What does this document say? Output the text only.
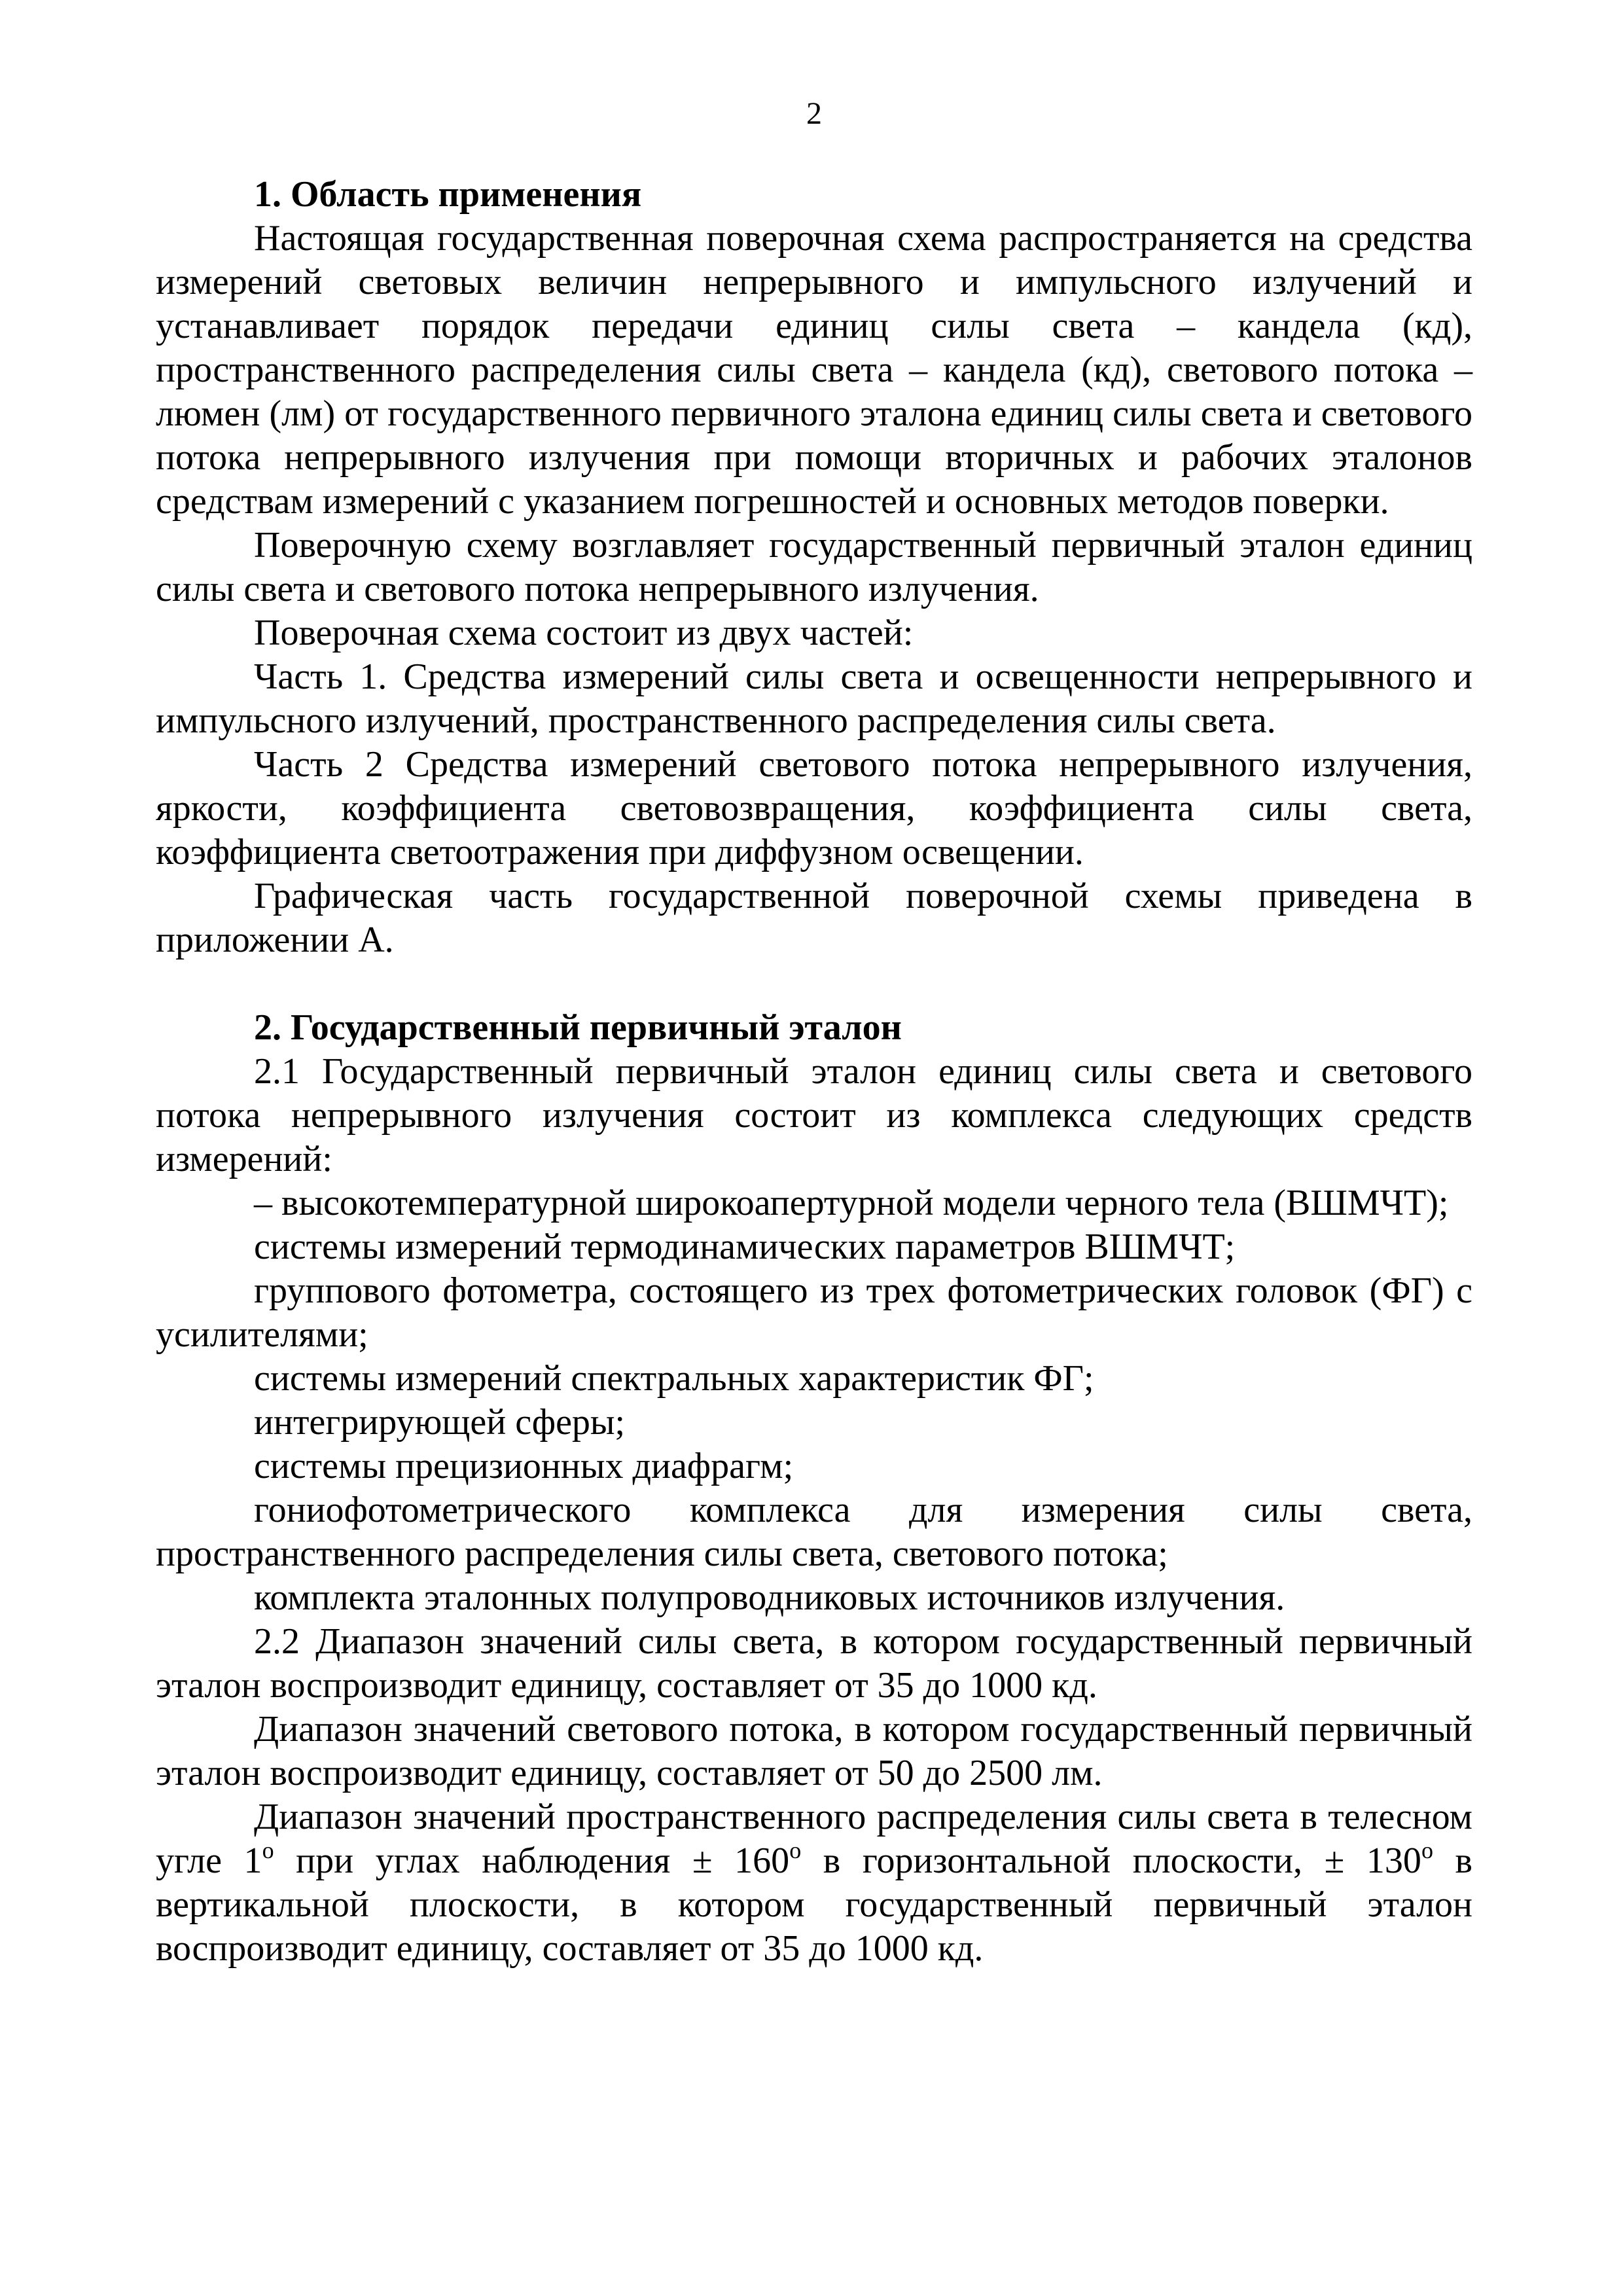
2

1. Область применения

Настоящая государственная поверочная схема распространяется на средства измерений световых величин непрерывного и импульсного излучений и устанавливает порядок передачи единиц силы света – кандела (кд), пространственного распределения силы света – кандела (кд), светового потока – люмен (лм) от государственного первичного эталона единиц силы света и светового потока непрерывного излучения при помощи вторичных и рабочих эталонов средствам измерений с указанием погрешностей и основных методов поверки.

Поверочную схему возглавляет государственный первичный эталон единиц силы света и светового потока непрерывного излучения.

Поверочная схема состоит из двух частей:

Часть 1. Средства измерений силы света и освещенности непрерывного и импульсного излучений, пространственного распределения силы света.

Часть 2 Средства измерений светового потока непрерывного излучения, яркости, коэффициента световозвращения, коэффициента силы света, коэффициента светоотражения при диффузном освещении.

Графическая часть государственной поверочной схемы приведена в приложении А.

2. Государственный первичный эталон

2.1 Государственный первичный эталон единиц силы света и светового потока непрерывного излучения состоит из комплекса следующих средств измерений:

– высокотемпературной широкоапертурной модели черного тела (ВШМЧТ);

системы измерений термодинамических параметров ВШМЧТ;

группового фотометра, состоящего из трех фотометрических головок (ФГ) с усилителями;

системы измерений спектральных характеристик ФГ;

интегрирующей сферы;

системы прецизионных диафрагм;

гониофотометрического комплекса для измерения силы света, пространственного распределения силы света, светового потока;

комплекта эталонных полупроводниковых источников излучения.

2.2 Диапазон значений силы света, в котором государственный первичный эталон воспроизводит единицу, составляет от 35 до 1000 кд.

Диапазон значений светового потока, в котором государственный первичный эталон воспроизводит единицу, составляет от 50 до 2500 лм.

Диапазон значений пространственного распределения силы света в телесном угле $1^о$ при углах наблюдения ± $160^о$ в горизонтальной плоскости, ± $130^о$ в вертикальной плоскости, в котором государственный первичный эталон воспроизводит единицу, составляет от 35 до 1000 кд.
